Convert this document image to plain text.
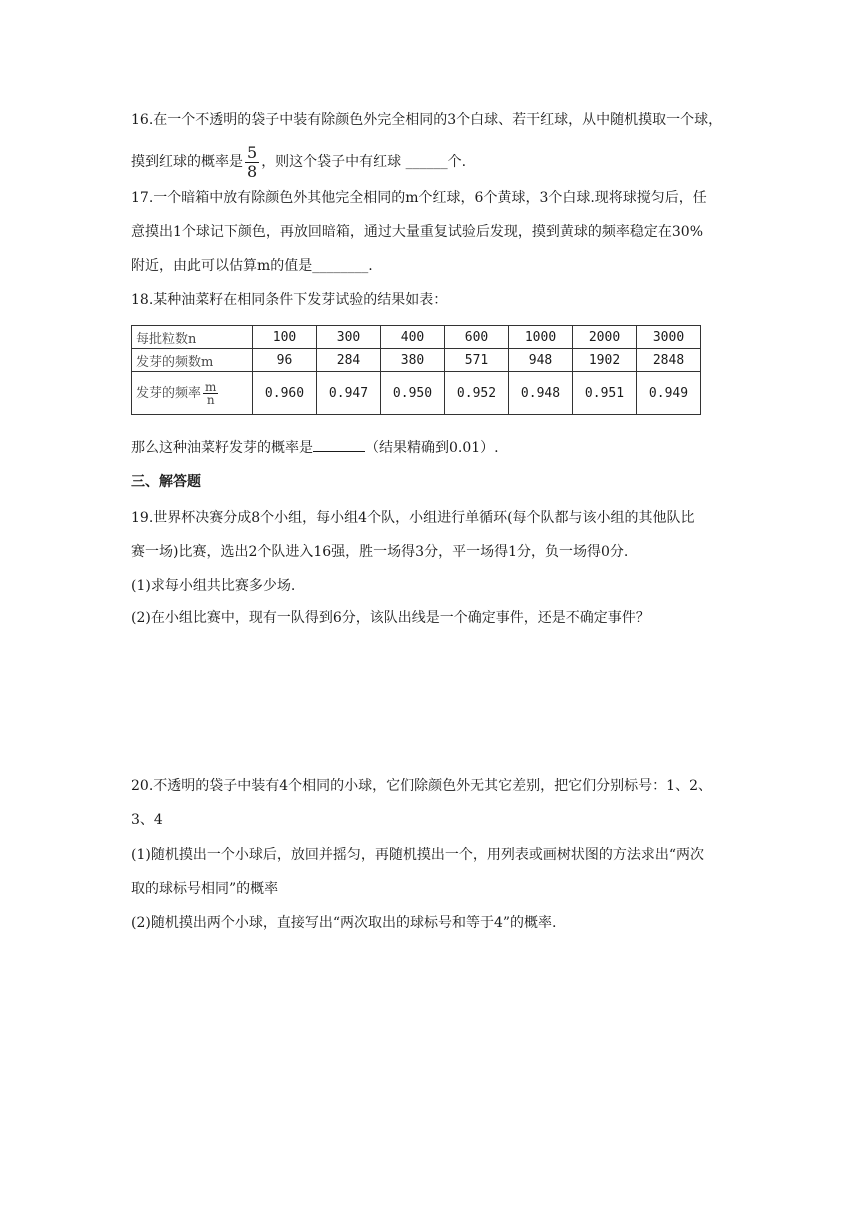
16.在一个不透明的袋子中装有除颜色外完全相同的3个白球、若干红球，从中随机摸取一个球，
摸到红球的概率是 $\frac{5}{8}$ ，则这个袋子中有红球 ______个.
17.一个暗箱中放有除颜色外其他完全相同的m个红球，6个黄球，3个白球.现将球搅匀后，任
意摸出1个球记下颜色，再放回暗箱，通过大量重复试验后发现，摸到黄球的频率稳定在30%
附近，由此可以估算m的值是________.
18.某种油菜籽在相同条件下发芽试验的结果如表：
每批粒数n	100	300	400	600	1000	2000	3000
发芽的频数m	96	284	380	571	948	1902	2848
发芽的频率 $\frac{m}{n}$	0.960	0.947	0.950	0.952	0.948	0.951	0.949
那么这种油菜籽发芽的概率是	（结果精确到0.01）.
三、解答题
19.世界杯决赛分成8个小组，每小组4个队，小组进行单循环(每个队都与该小组的其他队比
赛一场)比赛，选出2个队进入16强，胜一场得3分，平一场得1分，负一场得0分.
(1)求每小组共比赛多少场.
(2)在小组比赛中，现有一队得到6分，该队出线是一个确定事件，还是不确定事件？
20.不透明的袋子中装有4个相同的小球，它们除颜色外无其它差别，把它们分别标号：1、2、
3、4
(1)随机摸出一个小球后，放回并摇匀，再随机摸出一个，用列表或画树状图的方法求出“两次
取的球标号相同”的概率
(2)随机摸出两个小球，直接写出“两次取出的球标号和等于4”的概率.
